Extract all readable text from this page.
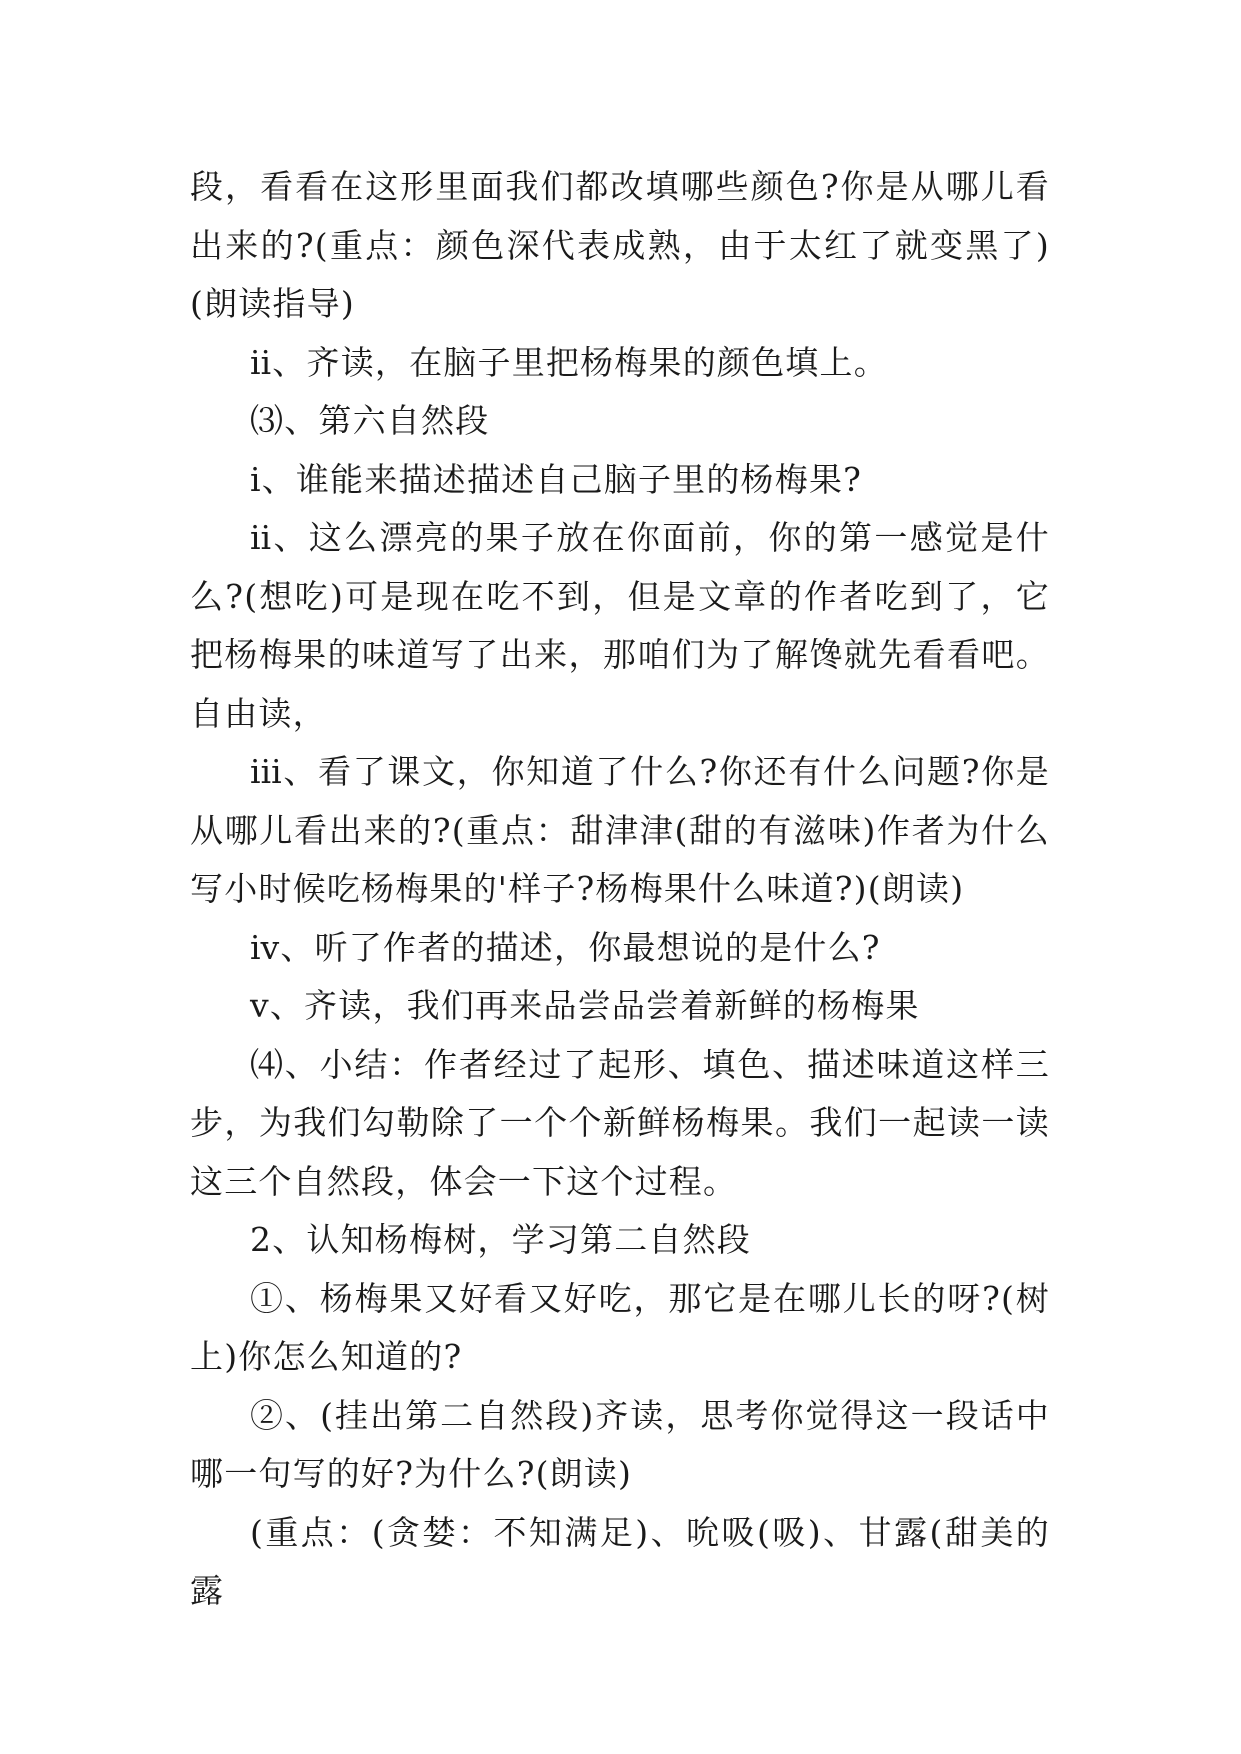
段，看看在这形里面我们都改填哪些颜色?你是从哪儿看出来的?(重点：颜色深代表成熟，由于太红了就变黑了)(朗读指导)

ⅱ、齐读，在脑子里把杨梅果的颜色填上。

⑶、第六自然段

ⅰ、谁能来描述描述自己脑子里的杨梅果?

ⅱ、这么漂亮的果子放在你面前，你的第一感觉是什么?(想吃)可是现在吃不到，但是文章的作者吃到了，它把杨梅果的味道写了出来，那咱们为了解馋就先看看吧。自由读，

ⅲ、看了课文，你知道了什么?你还有什么问题?你是从哪儿看出来的?(重点：甜津津(甜的有滋味)作者为什么写小时候吃杨梅果的'样子?杨梅果什么味道?)(朗读)

ⅳ、听了作者的描述，你最想说的是什么?

ⅴ、齐读，我们再来品尝品尝着新鲜的杨梅果

⑷、小结：作者经过了起形、填色、描述味道这样三步，为我们勾勒除了一个个新鲜杨梅果。我们一起读一读这三个自然段，体会一下这个过程。

2、认知杨梅树，学习第二自然段

①、杨梅果又好看又好吃，那它是在哪儿长的呀?(树上)你怎么知道的?

②、(挂出第二自然段)齐读，思考你觉得这一段话中哪一句写的好?为什么?(朗读)

(重点：(贪婪：不知满足)、吮吸(吸)、甘露(甜美的露
